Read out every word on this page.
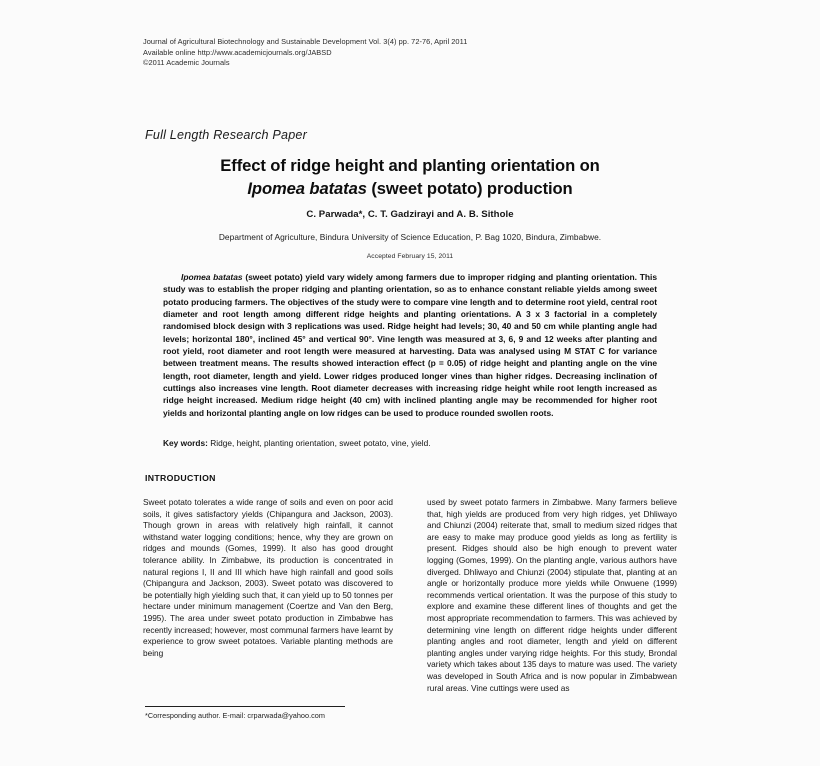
Journal of Agricultural Biotechnology and Sustainable Development Vol. 3(4) pp. 72-76, April 2011
Available online http://www.academicjournals.org/JABSD
©2011 Academic Journals
Full Length Research Paper
Effect of ridge height and planting orientation on
Ipomea batatas (sweet potato) production
C. Parwada*, C. T. Gadzirayi and A. B. Sithole
Department of Agriculture, Bindura University of Science Education, P. Bag 1020, Bindura, Zimbabwe.
Accepted February 15, 2011
Ipomea batatas (sweet potato) yield vary widely among farmers due to improper ridging and planting orientation. This study was to establish the proper ridging and planting orientation, so as to enhance constant reliable yields among sweet potato producing farmers. The objectives of the study were to compare vine length and to determine root yield, central root diameter and root length among different ridge heights and planting orientations. A 3 x 3 factorial in a completely randomised block design with 3 replications was used. Ridge height had levels; 30, 40 and 50 cm while planting angle had levels; horizontal 180°, inclined 45° and vertical 90°. Vine length was measured at 3, 6, 9 and 12 weeks after planting and root yield, root diameter and root length were measured at harvesting. Data was analysed using M STAT C for variance between treatment means. The results showed interaction effect (p = 0.05) of ridge height and planting angle on the vine length, root diameter, length and yield. Lower ridges produced longer vines than higher ridges. Decreasing inclination of cuttings also increases vine length. Root diameter decreases with increasing ridge height while root length increased as ridge height increased. Medium ridge height (40 cm) with inclined planting angle may be recommended for higher root yields and horizontal planting angle on low ridges can be used to produce rounded swollen roots.
Key words: Ridge, height, planting orientation, sweet potato, vine, yield.
INTRODUCTION

Sweet potato tolerates a wide range of soils and even on poor acid soils, it gives satisfactory yields (Chipangura and Jackson, 2003). Though grown in areas with relatively high rainfall, it cannot withstand water logging conditions; hence, why they are grown on ridges and mounds (Gomes, 1999). It also has good drought tolerance ability. In Zimbabwe, its production is concentrated in natural regions I, II and III which have high rainfall and good soils (Chipangura and Jackson, 2003). Sweet potato was discovered to be potentially high yielding such that, it can yield up to 50 tonnes per hectare under minimum management (Coertze and Van den Berg, 1995). The area under sweet potato production in Zimbabwe has recently increased; however, most communal farmers have learnt by experience to grow sweet potatoes. Variable planting methods are being

used by sweet potato farmers in Zimbabwe. Many farmers believe that, high yields are produced from very high ridges, yet Dhliwayo and Chiunzi (2004) reiterate that, small to medium sized ridges that are easy to make may produce good yields as long as fertility is present. Ridges should also be high enough to prevent water logging (Gomes, 1999). On the planting angle, various authors have diverged. Dhliwayo and Chiunzi (2004) stipulate that, planting at an angle or horizontally produce more yields while Onwuene (1999) recommends vertical orientation. It was the purpose of this study to explore and examine these different lines of thoughts and get the most appropriate recommendation to farmers. This was achieved by determining vine length on different ridge heights under different planting angles and root diameter, length and yield on different planting angles under varying ridge heights. For this study, Brondal variety which takes about 135 days to mature was used. The variety was developed in South Africa and is now popular in Zimbabwean rural areas. Vine cuttings were used as

*Corresponding author. E-mail: crparwada@yahoo.com
